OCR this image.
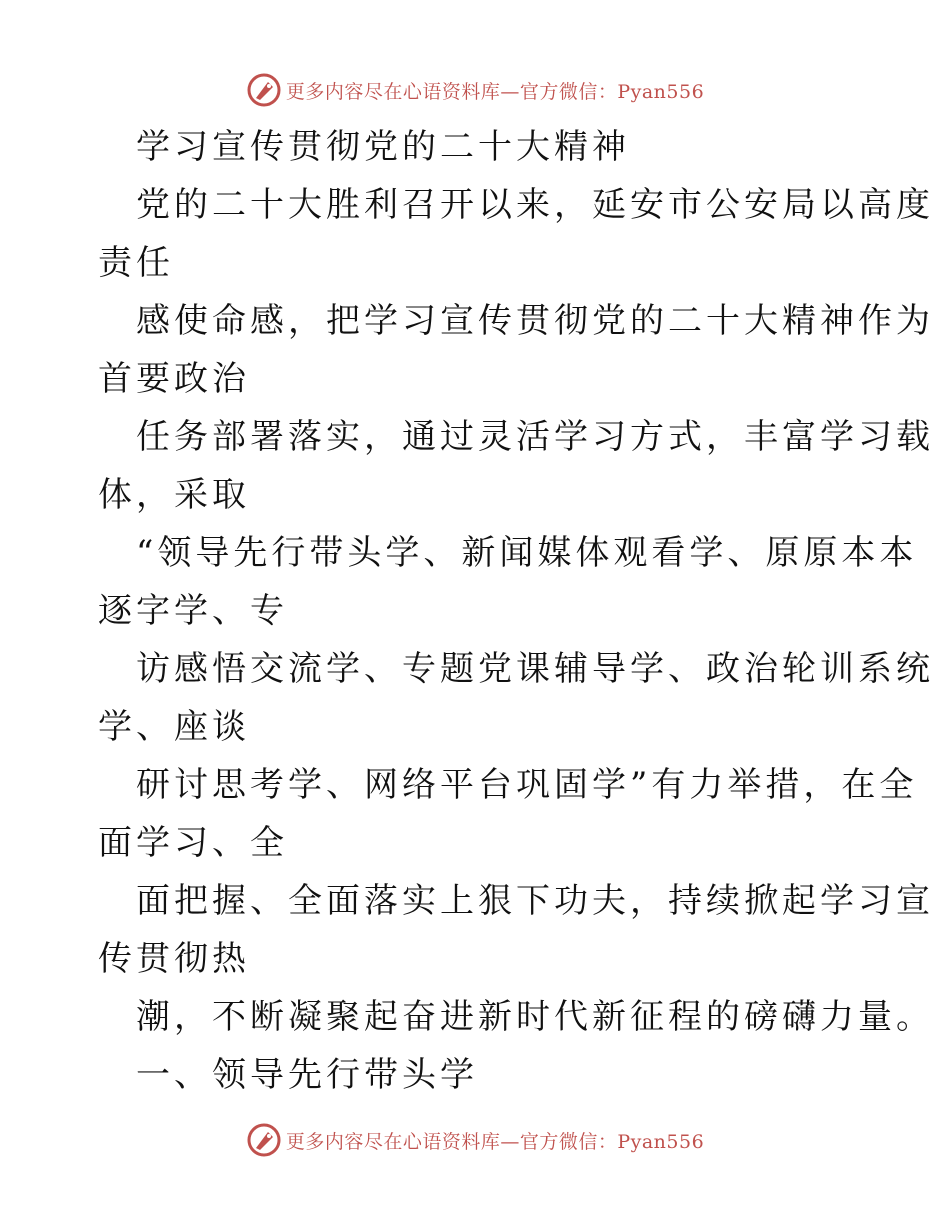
更多内容尽在心语资料库—官方微信：Pyan556
学习宣传贯彻党的二十大精神
党的二十大胜利召开以来，延安市公安局以高度
责任
感使命感，把学习宣传贯彻党的二十大精神作为
首要政治
任务部署落实，通过灵活学习方式，丰富学习载
体，采取
“领导先行带头学、新闻媒体观看学、原原本本
逐字学、专
访感悟交流学、专题党课辅导学、政治轮训系统
学、座谈
研讨思考学、网络平台巩固学”有力举措，在全
面学习、全
面把握、全面落实上狠下功夫，持续掀起学习宣
传贯彻热
潮，不断凝聚起奋进新时代新征程的磅礴力量。
一、领导先行带头学
更多内容尽在心语资料库—官方微信：Pyan556
